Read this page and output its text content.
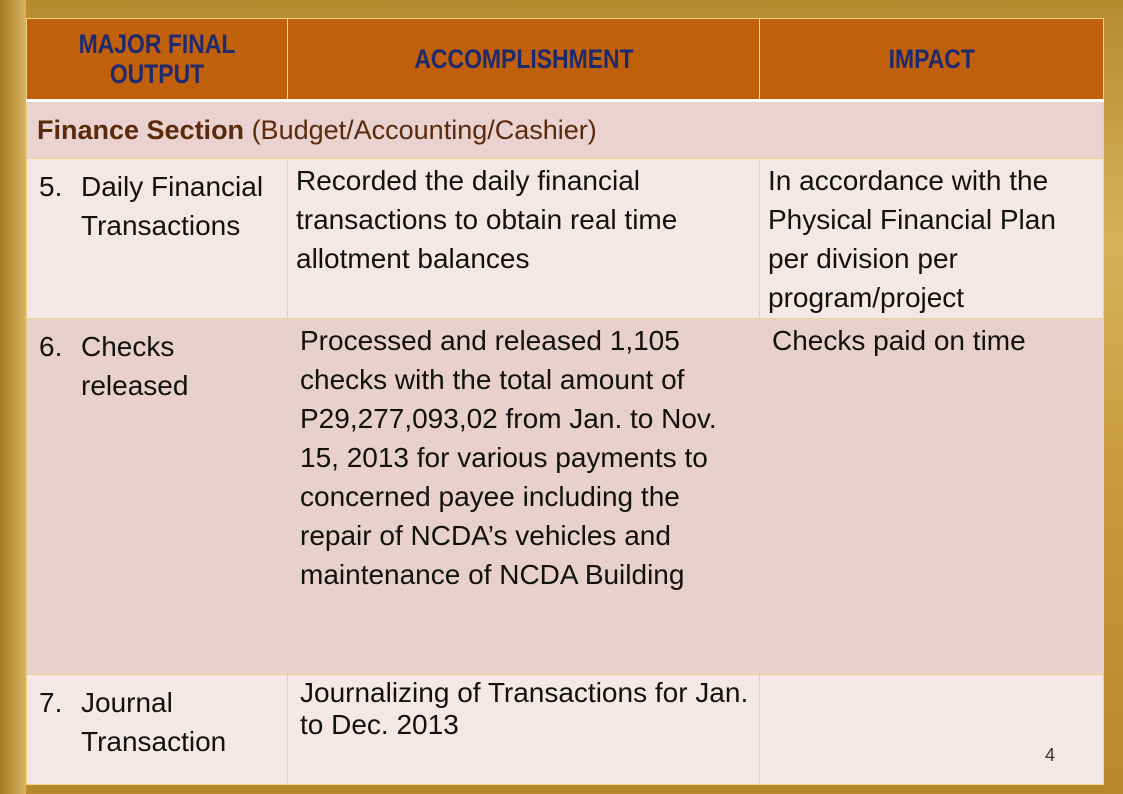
MAJOR FINAL OUTPUT	ACCOMPLISHMENT	IMPACT
Finance Section (Budget/Accounting/Cashier)		

5. Daily Financial Transactions	Recorded the daily financial transactions to obtain real time allotment balances	In accordance with the Physical Financial Plan per division per program/project

6. Checks released	Processed and released 1,105 checks with the total amount of P29,277,093,02 from Jan. to Nov. 15, 2013 for various payments to concerned payee including the repair of NCDA’s vehicles and maintenance of NCDA Building	Checks paid on time

7. Journal Transaction	Journalizing of Transactions for Jan. to Dec. 2013	
4
